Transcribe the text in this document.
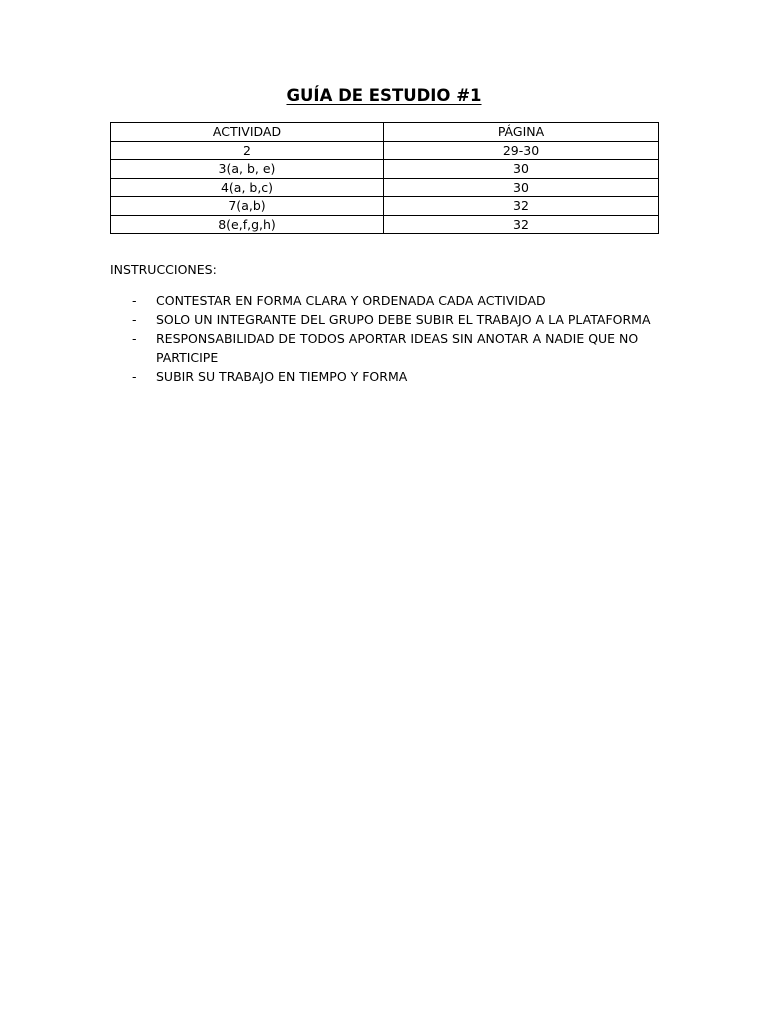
GUÍA DE ESTUDIO #1
ACTIVIDAD	PÁGINA
2	29-30
3(a, b, e)	30
4(a, b,c)	30
7(a,b)	32
8(e,f,g,h)	32
INSTRUCCIONES:
- CONTESTAR EN FORMA CLARA Y ORDENADA CADA ACTIVIDAD
- SOLO UN INTEGRANTE DEL GRUPO DEBE SUBIR EL TRABAJO A LA PLATAFORMA
- RESPONSABILIDAD DE TODOS APORTAR IDEAS SIN ANOTAR A NADIE QUE NO PARTICIPE
- SUBIR SU TRABAJO EN TIEMPO Y FORMA
